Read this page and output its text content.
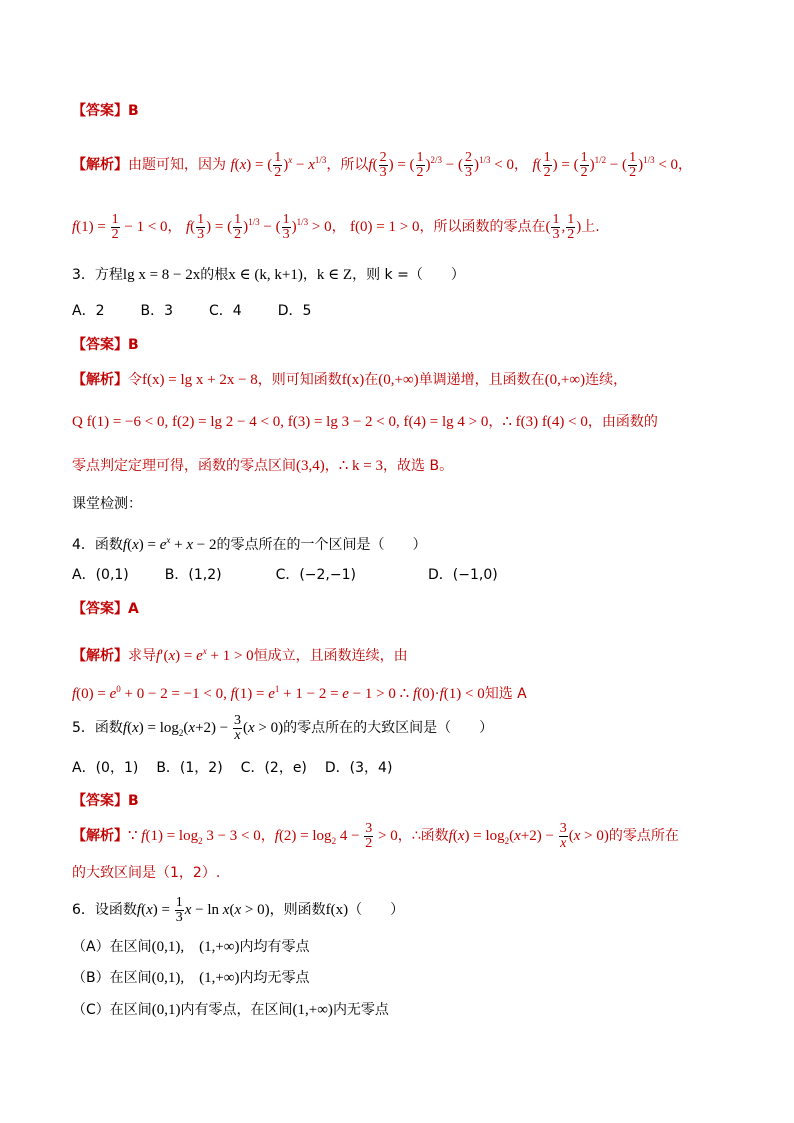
【答案】B
【解析】由题可知，因为 f(x) = ( $\frac{1}{2} )^x - x^{1/3}$，所以$f( \frac{2}{3}$ ) = ( $\frac{1}{2} )^{2/3}$ − ( $\frac{2}{3} )^{1/3} < 0$， $f( \frac{1}{2}$ ) = ( $\frac{1}{2} )^{1/2}$ − ( $\frac{1}{2} )^{1/3} < 0$，
$f(1) = \frac{1}{2} - 1 < 0$， $f( \frac{1}{3}$ ) = ( $\frac{1}{2} )^{1/3}$ − ( $\frac{1}{3} )^{1/3} > 0$， f(0) = 1 > 0，所以函数的零点在( $\frac{1}{3}$ , $\frac{1}{2}$ )上.
3．方程lg x = 8 − 2x的根x ∈ (k, k+1)，k ∈ Z，则 k =（　　）
A．2	B．3	C．4	D．5
【答案】B
【解析】令f(x) = lg x + 2x − 8，则可知函数f(x)在(0,+∞)单调递增，且函数在(0,+∞)连续，
Q f(1) = −6 < 0, f(2) = lg 2 − 4 < 0, f(3) = lg 3 − 2 < 0, f(4) = lg 4 > 0，∴ f(3) f(4) < 0，由函数的
零点判定定理可得，函数的零点区间(3,4)，∴ k = 3，故选 B。
课堂检测：
4．函数$f(x) = e^x + x - 2$的零点所在的一个区间是（　　）
A．(0,1)	B．(1,2)	C．(−2,−1)	D．(−1,0)
【答案】A
【解析】求导$f'(x) = e^x + 1 > 0$恒成立，且函数连续，由
$f(0) = e^0 + 0 - 2 = -1 < 0$, $f(1) = e^1 + 1 - 2 = e - 1 > 0$ ∴ f(0)·f(1) < 0知选 A
5．函数$f(x) = \log_2(x+2) - \frac{3}{x} (x > 0)$的零点所在的大致区间是（　　）
A．(0，1) B．(1，2) C．(2，e) D．(3，4)
【答案】B
【解析】∵ $f(1) = \log_2 3 - 3 < 0$，$f(2) = \log_2 4 - \frac{3}{2} > 0$，∴函数$f(x) = \log_2(x+2) - \frac{3}{x} (x > 0)$的零点所在
的大致区间是（1，2）.
6．设函数$f(x) = \frac{1}{3}$ x − ln x(x > 0)，则函数f(x)（　　）
（A）在区间(0,1),　(1,+∞)内均有零点
（B）在区间(0,1),　(1,+∞)内均无零点
（C）在区间(0,1)内有零点，在区间(1,+∞)内无零点
